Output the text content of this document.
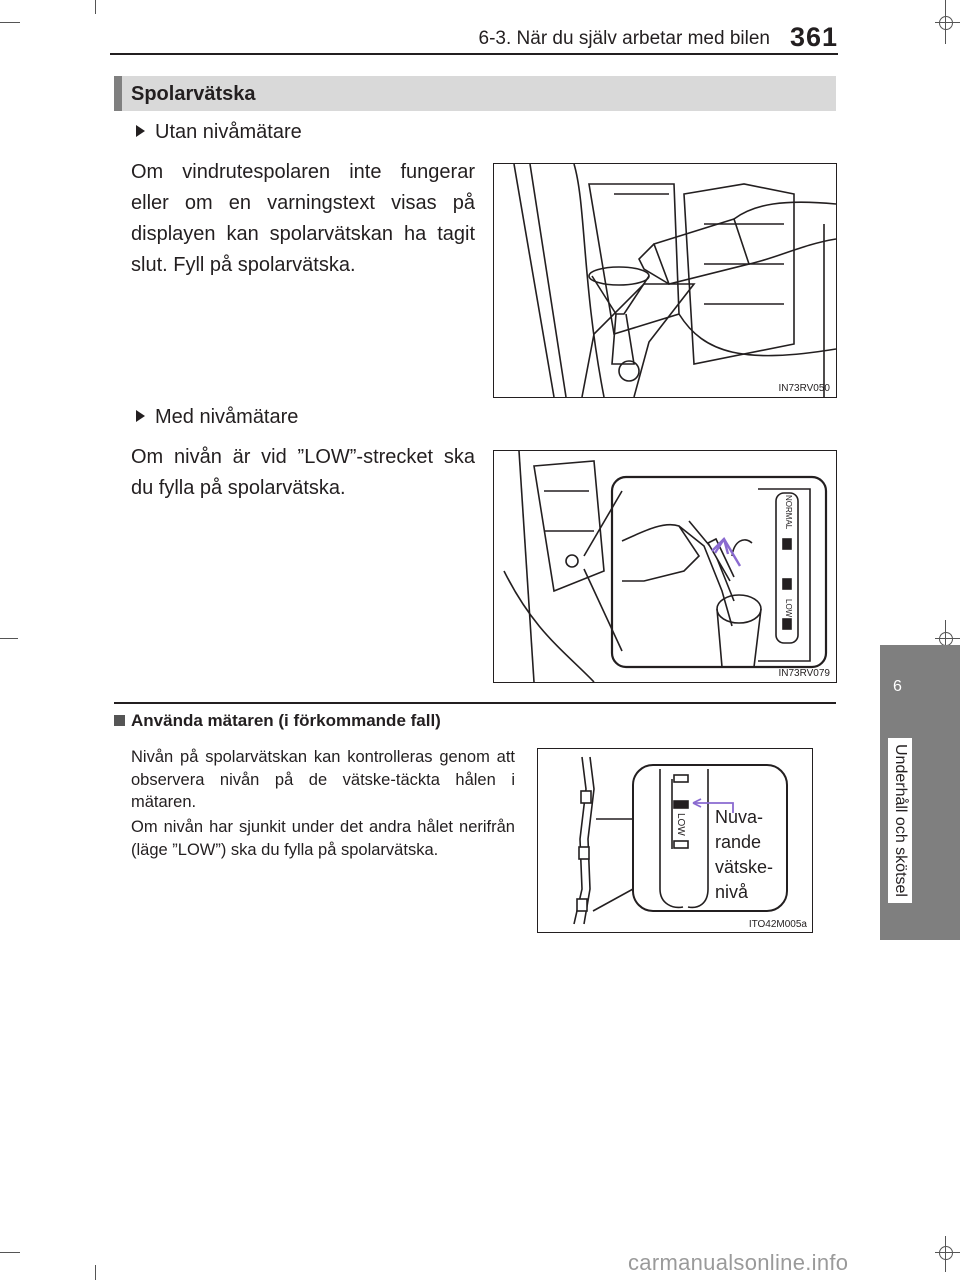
6-3. När du själv arbetar med bilen 361
Spolarvätska
Utan nivåmätare
Om vindrutespolaren inte fungerar eller om en varningstext visas på displayen kan spolarvätskan ha tagit slut. Fyll på spolarvätska.
IN73RV050
Med nivåmätare
Om nivån är vid ”LOW”-strecket ska du fylla på spolarvätska.
NORMAL
LOW
IN73RV079
Använda mätaren (i förkommande fall)
Nivån på spolarvätskan kan kontrolleras genom att observera nivån på de vätske-täckta hålen i mätaren.
Om nivån har sjunkit under det andra hålet nerifrån (läge ”LOW”) ska du fylla på spolarvätska.
LOW Nuva-
rande
vätske-
nivå
ITO42M005a
6
Underhåll och skötsel
carmanualsonline.info
